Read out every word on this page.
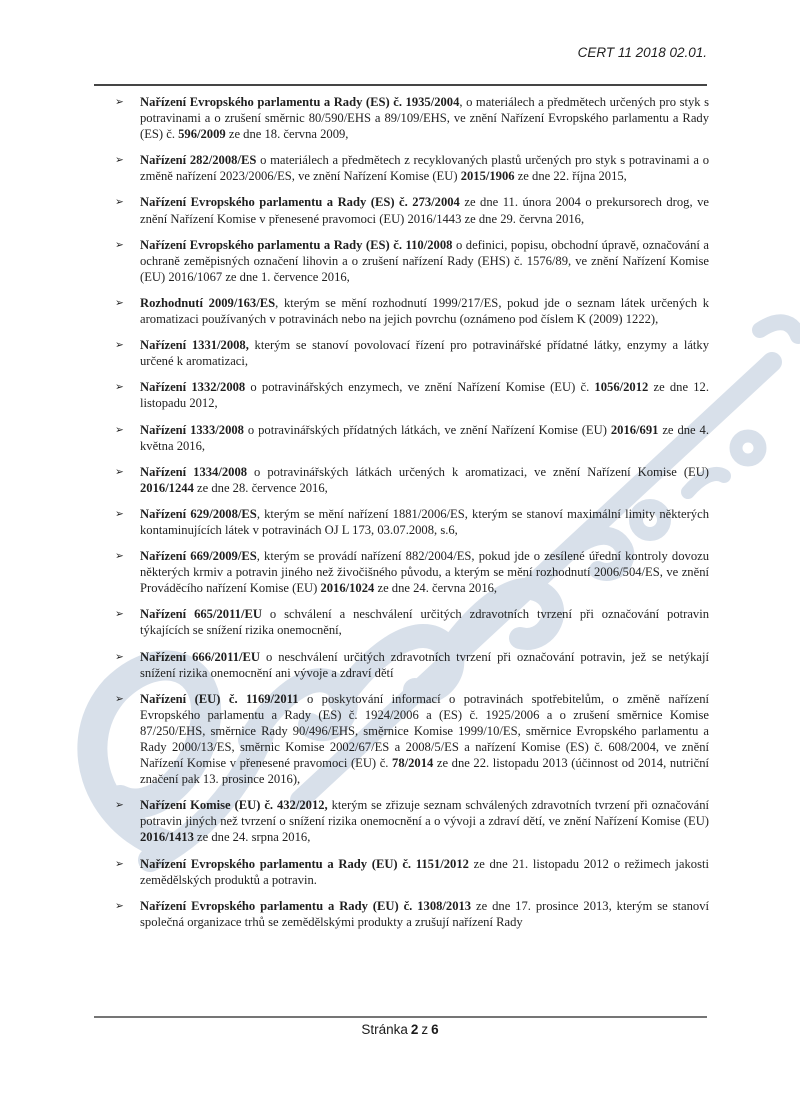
CERT 11 2018 02.01.
➢ Nařízení Evropského parlamentu a Rady (ES) č. 1935/2004, o materiálech a předmětech určených pro styk s potravinami a o zrušení směrnic 80/590/EHS a 89/109/EHS, ve znění Nařízení Evropského parlamentu a Rady (ES) č. 596/2009 ze dne 18. června 2009,
➢ Nařízení 282/2008/ES o materiálech a předmětech z recyklovaných plastů určených pro styk s potravinami a o změně nařízení 2023/2006/ES, ve znění Nařízení Komise (EU) 2015/1906 ze dne 22. října 2015,
➢ Nařízení Evropského parlamentu a Rady (ES) č. 273/2004 ze dne 11. února 2004 o prekursorech drog, ve znění Nařízení Komise v přenesené pravomoci (EU) 2016/1443 ze dne 29. června 2016,
➢ Nařízení Evropského parlamentu a Rady (ES) č. 110/2008 o definici, popisu, obchodní úpravě, označování a ochraně zeměpisných označení lihovin a o zrušení nařízení Rady (EHS) č. 1576/89, ve znění Nařízení Komise (EU) 2016/1067 ze dne 1. července 2016,
➢ Rozhodnutí 2009/163/ES, kterým se mění rozhodnutí 1999/217/ES, pokud jde o seznam látek určených k aromatizaci používaných v potravinách nebo na jejich povrchu (oznámeno pod číslem K (2009) 1222),
➢ Nařízení 1331/2008, kterým se stanoví povolovací řízení pro potravinářské přídatné látky, enzymy a látky určené k aromatizaci,
➢ Nařízení 1332/2008 o potravinářských enzymech, ve znění Nařízení Komise (EU) č. 1056/2012 ze dne 12. listopadu 2012,
➢ Nařízení 1333/2008 o potravinářských přídatných látkách, ve znění Nařízení Komise (EU) 2016/691 ze dne 4. května 2016,
➢ Nařízení 1334/2008 o potravinářských látkách určených k aromatizaci, ve znění Nařízení Komise (EU) 2016/1244 ze dne 28. července 2016,
➢ Nařízení 629/2008/ES, kterým se mění nařízení 1881/2006/ES, kterým se stanoví maximální limity některých kontaminujících látek v potravinách OJ L 173, 03.07.2008, s.6,
➢ Nařízení 669/2009/ES, kterým se provádí nařízení 882/2004/ES, pokud jde o zesílené úřední kontroly dovozu některých krmiv a potravin jiného než živočišného původu, a kterým se mění rozhodnutí 2006/504/ES, ve znění Prováděcího nařízení Komise (EU) 2016/1024 ze dne 24. června 2016,
➢ Nařízení 665/2011/EU o schválení a neschválení určitých zdravotních tvrzení při označování potravin týkajících se snížení rizika onemocnění,
➢ Nařízení 666/2011/EU o neschválení určitých zdravotních tvrzení při označování potravin, jež se netýkají snížení rizika onemocnění ani vývoje a zdraví dětí
➢ Nařízení (EU) č. 1169/2011 o poskytování informací o potravinách spotřebitelům, o změně nařízení Evropského parlamentu a Rady (ES) č. 1924/2006 a (ES) č. 1925/2006 a o zrušení směrnice Komise 87/250/EHS, směrnice Rady 90/496/EHS, směrnice Komise 1999/10/ES, směrnice Evropského parlamentu a Rady 2000/13/ES, směrnic Komise 2002/67/ES a 2008/5/ES a nařízení Komise (ES) č. 608/2004, ve znění Nařízení Komise v přenesené pravomoci (EU) č. 78/2014 ze dne 22. listopadu 2013 (účinnost od 2014, nutriční značení pak 13. prosince 2016),
➢ Nařízení Komise (EU) č. 432/2012, kterým se zřizuje seznam schválených zdravotních tvrzení při označování potravin jiných než tvrzení o snížení rizika onemocnění a o vývoji a zdraví dětí, ve znění Nařízení Komise (EU) 2016/1413 ze dne 24. srpna 2016,
➢ Nařízení Evropského parlamentu a Rady (EU) č. 1151/2012 ze dne 21. listopadu 2012 o režimech jakosti zemědělských produktů a potravin.
➢ Nařízení Evropského parlamentu a Rady (EU) č. 1308/2013 ze dne 17. prosince 2013, kterým se stanoví společná organizace trhů se zemědělskými produkty a zrušují nařízení Rady
Stránka 2 z 6
